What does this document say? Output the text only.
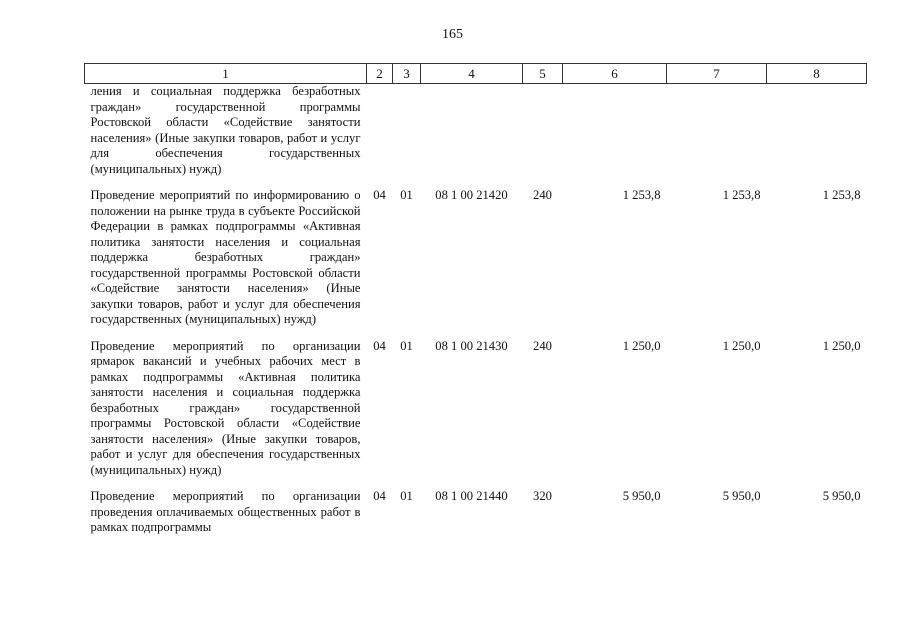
165
1	2	3	4	5	6	7	8
ления и социальная поддержка безработных граждан» государственной программы Ростовской области «Содействие занятости населения» (Иные закупки товаров, работ и услуг для обеспечения государственных (муниципальных) нужд)							

Проведение мероприятий по информированию о положении на рынке труда в субъекте Российской Федерации в рамках подпрограммы «Активная политика занятости населения и социальная поддержка безработных граждан» государственной программы Ростовской области «Содействие занятости населения» (Иные закупки товаров, работ и услуг для обеспечения государственных (муниципальных) нужд)	04	01	08 1 00 21420	240	1 253,8	1 253,8	1 253,8

Проведение мероприятий по организации ярмарок вакансий и учебных рабочих мест в рамках подпрограммы «Активная политика занятости населения и социальная поддержка безработных граждан» государственной программы Ростовской области «Содействие занятости населения» (Иные закупки товаров, работ и услуг для обеспечения государственных (муниципальных) нужд)	04	01	08 1 00 21430	240	1 250,0	1 250,0	1 250,0

Проведение мероприятий по организации проведения оплачиваемых общественных работ в рамках подпрограммы	04	01	08 1 00 21440	320	5 950,0	5 950,0	5 950,0
